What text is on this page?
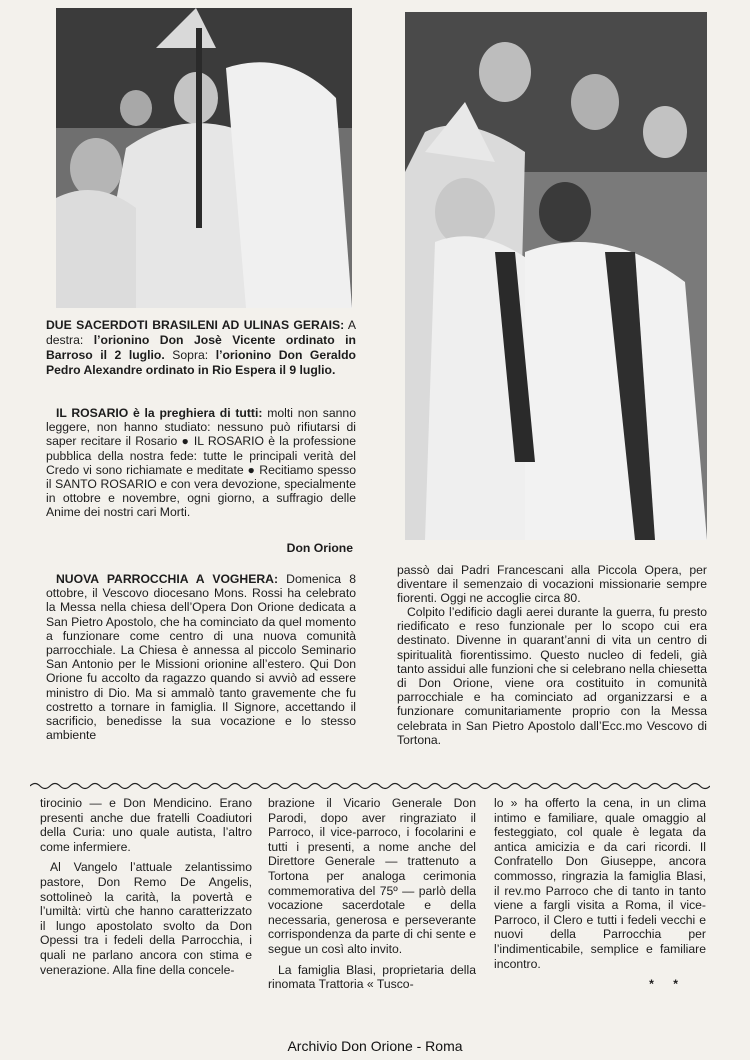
DUE SACERDOTI BRASILENI AD ULINAS GERAIS: A destra: l’orionino Don Josè Vicente ordinato in Barroso il 2 luglio. Sopra: l’orionino Don Geraldo Pedro Alexandre ordinato in Rio Espera il 9 luglio.

IL ROSARIO è la preghiera di tutti: molti non sanno leggere, non hanno studiato: nessuno può rifiutarsi di saper recitare il Rosario ● IL ROSARIO è la professione pubblica della nostra fede: tutte le principali verità del Credo vi sono richiamate e meditate ● Recitiamo spesso il SANTO ROSARIO e con vera devozione, specialmente in ottobre e novembre, ogni giorno, a suffragio delle Anime dei nostri cari Morti.

Don Orione

NUOVA PARROCCHIA A VOGHERA: Domenica 8 ottobre, il Vescovo diocesano Mons. Rossi ha celebrato la Messa nella chiesa dell’Opera Don Orione dedicata a San Pietro Apostolo, che ha cominciato da quel momento a funzionare come centro di una nuova comunità parrocchiale. La Chiesa è annessa al piccolo Seminario San Antonio per le Missioni orionine all’estero. Qui Don Orione fu accolto da ragazzo quando si avviò ad essere ministro di Dio. Ma si ammalò tanto gravemente che fu costretto a tornare in famiglia. Il Signore, accettando il sacrificio, benedisse la sua vocazione e lo stesso ambiente

passò dai Padri Francescani alla Piccola Opera, per diventare il semenzaio di vocazioni missionarie sempre fiorenti. Oggi ne accoglie circa 80.

Colpito l’edificio dagli aerei durante la guerra, fu presto riedificato e reso funzionale per lo scopo cui era destinato. Divenne in quarant’anni di vita un centro di spiritualità fiorentissimo. Questo nucleo di fedeli, già tanto assidui alle funzioni che si celebrano nella chiesetta di Don Orione, viene ora costituito in comunità parrocchiale e ha cominciato ad organizzarsi e a funzionare comunitariamente proprio con la Messa celebrata in San Pietro Apostolo dall’Ecc.mo Vescovo di Tortona.

tirocinio — e Don Mendicino. Erano presenti anche due fratelli Coadiutori della Curia: uno quale autista, l’altro come infermiere.

Al Vangelo l’attuale zelantissimo pastore, Don Remo De Angelis, sottolineò la carità, la povertà e l’umiltà: virtù che hanno caratterizzato il lungo apostolato svolto da Don Opessi tra i fedeli della Parrocchia, i quali ne parlano ancora con stima e venerazione. Alla fine della concele-

brazione il Vicario Generale Don Parodi, dopo aver ringraziato il Parroco, il vice-parroco, i focolarini e tutti i presenti, a nome anche del Direttore Generale — trattenuto a Tortona per analoga cerimonia commemorativa del 75º — parlò della vocazione sacerdotale e della necessaria, generosa e perseverante corrispondenza da parte di chi sente e segue un così alto invito.

La famiglia Blasi, proprietaria della rinomata Trattoria « Tusco-

lo » ha offerto la cena, in un clima intimo e familiare, quale omaggio al festeggiato, col quale è legata da antica amicizia e da cari ricordi. Il Confratello Don Giuseppe, ancora commosso, ringrazia la famiglia Blasi, il rev.mo Parroco che di tanto in tanto viene a fargli visita a Roma, il vice-Parroco, il Clero e tutti i fedeli vecchi e nuovi della Parrocchia per l’indimenticabile, semplice e familiare incontro.

* *

Archivio Don Orione - Roma
